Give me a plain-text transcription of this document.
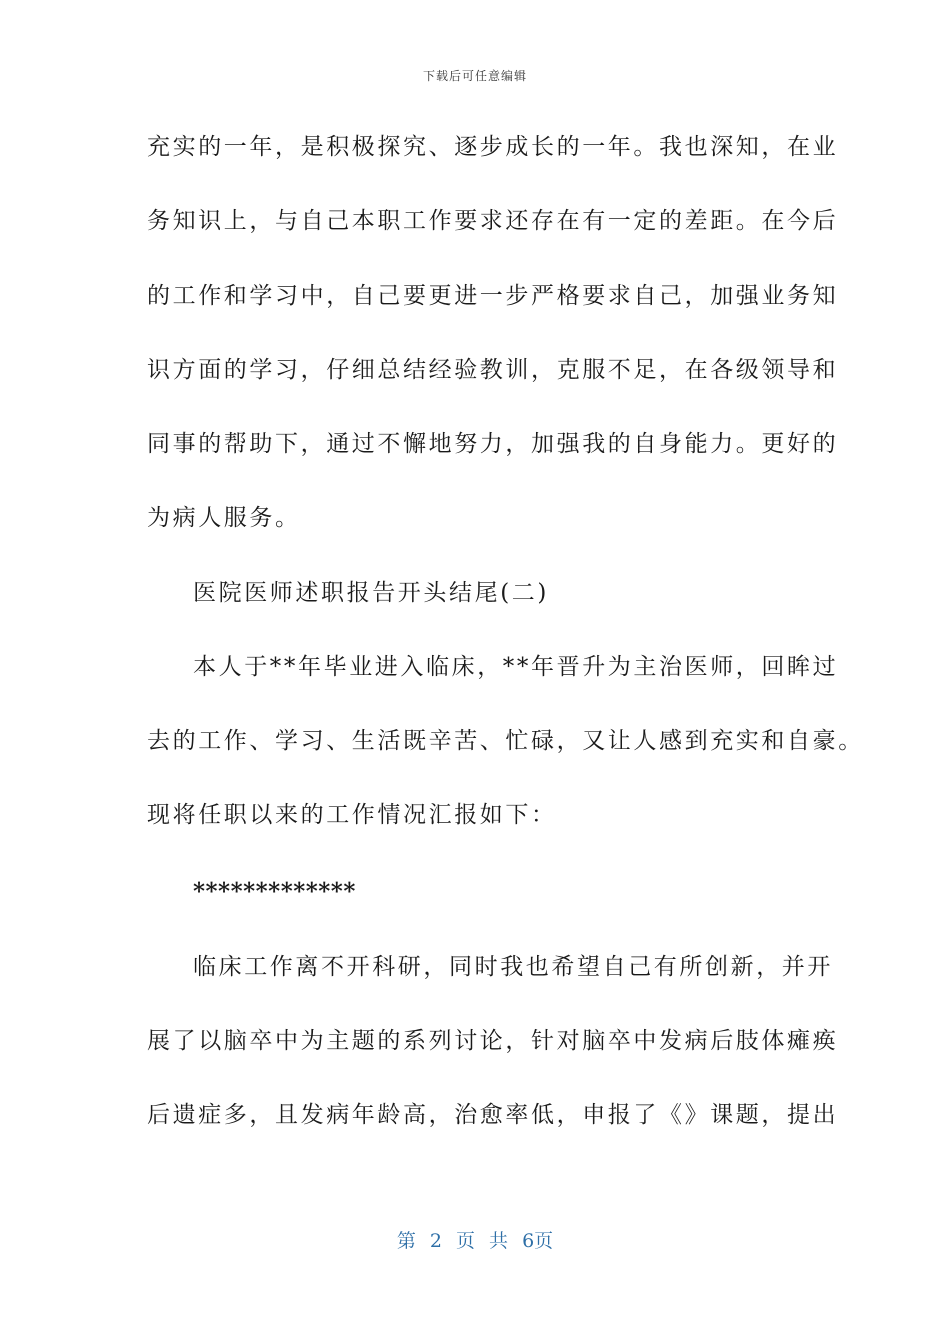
下载后可任意编辑
充实的一年，是积极探究、逐步成长的一年。我也深知，在业
务知识上，与自己本职工作要求还存在有一定的差距。在今后
的工作和学习中，自己要更进一步严格要求自己，加强业务知
识方面的学习，仔细总结经验教训，克服不足，在各级领导和
同事的帮助下，通过不懈地努力，加强我的自身能力。更好的
为病人服务。
医院医师述职报告开头结尾(二)
本人于**年毕业进入临床，**年晋升为主治医师，回眸过
去的工作、学习、生活既辛苦、忙碌，又让人感到充实和自豪。
现将任职以来的工作情况汇报如下：
*************
临床工作离不开科研，同时我也希望自己有所创新，并开
展了以脑卒中为主题的系列讨论，针对脑卒中发病后肢体瘫痪
后遗症多，且发病年龄高，治愈率低，申报了《》课题，提出
第 2 页 共 6页
